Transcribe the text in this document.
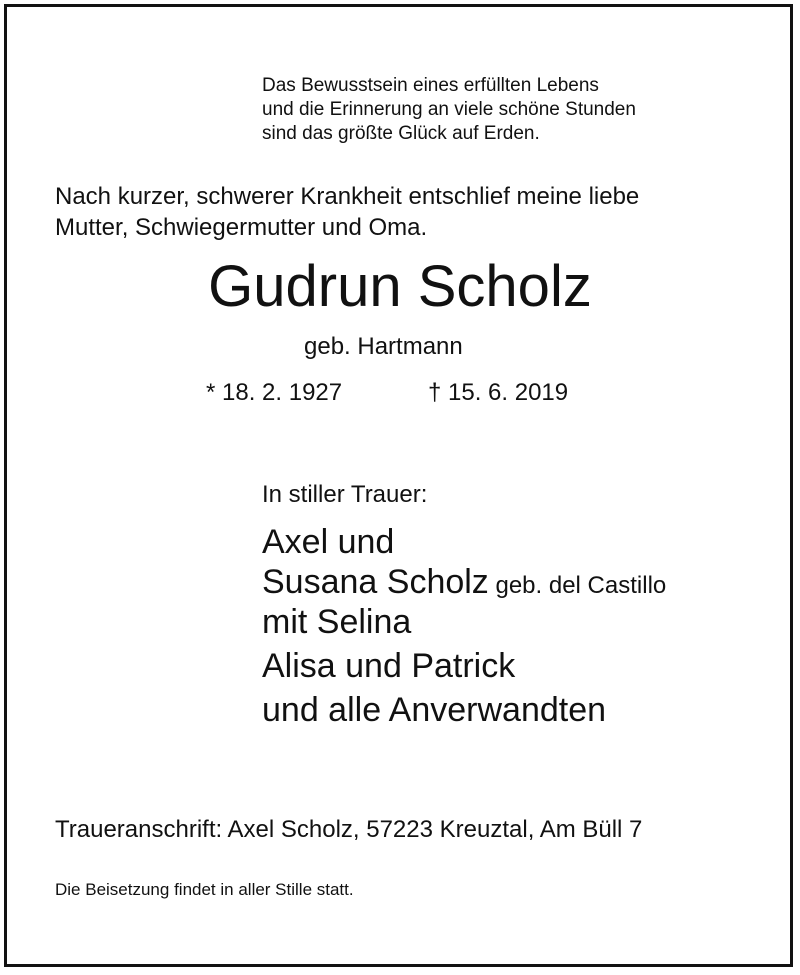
Das Bewusstsein eines erfüllten Lebens
und die Erinnerung an viele schöne Stunden
sind das größte Glück auf Erden.
Nach kurzer, schwerer Krankheit entschlief meine liebe
Mutter, Schwiegermutter und Oma.
Gudrun Scholz
geb. Hartmann
* 18. 2. 1927	† 15. 6. 2019
In stiller Trauer:
Axel und
Susana Scholz geb. del Castillo
mit Selina
Alisa und Patrick
und alle Anverwandten
Traueranschrift: Axel Scholz, 57223 Kreuztal, Am Büll 7
Die Beisetzung findet in aller Stille statt.
